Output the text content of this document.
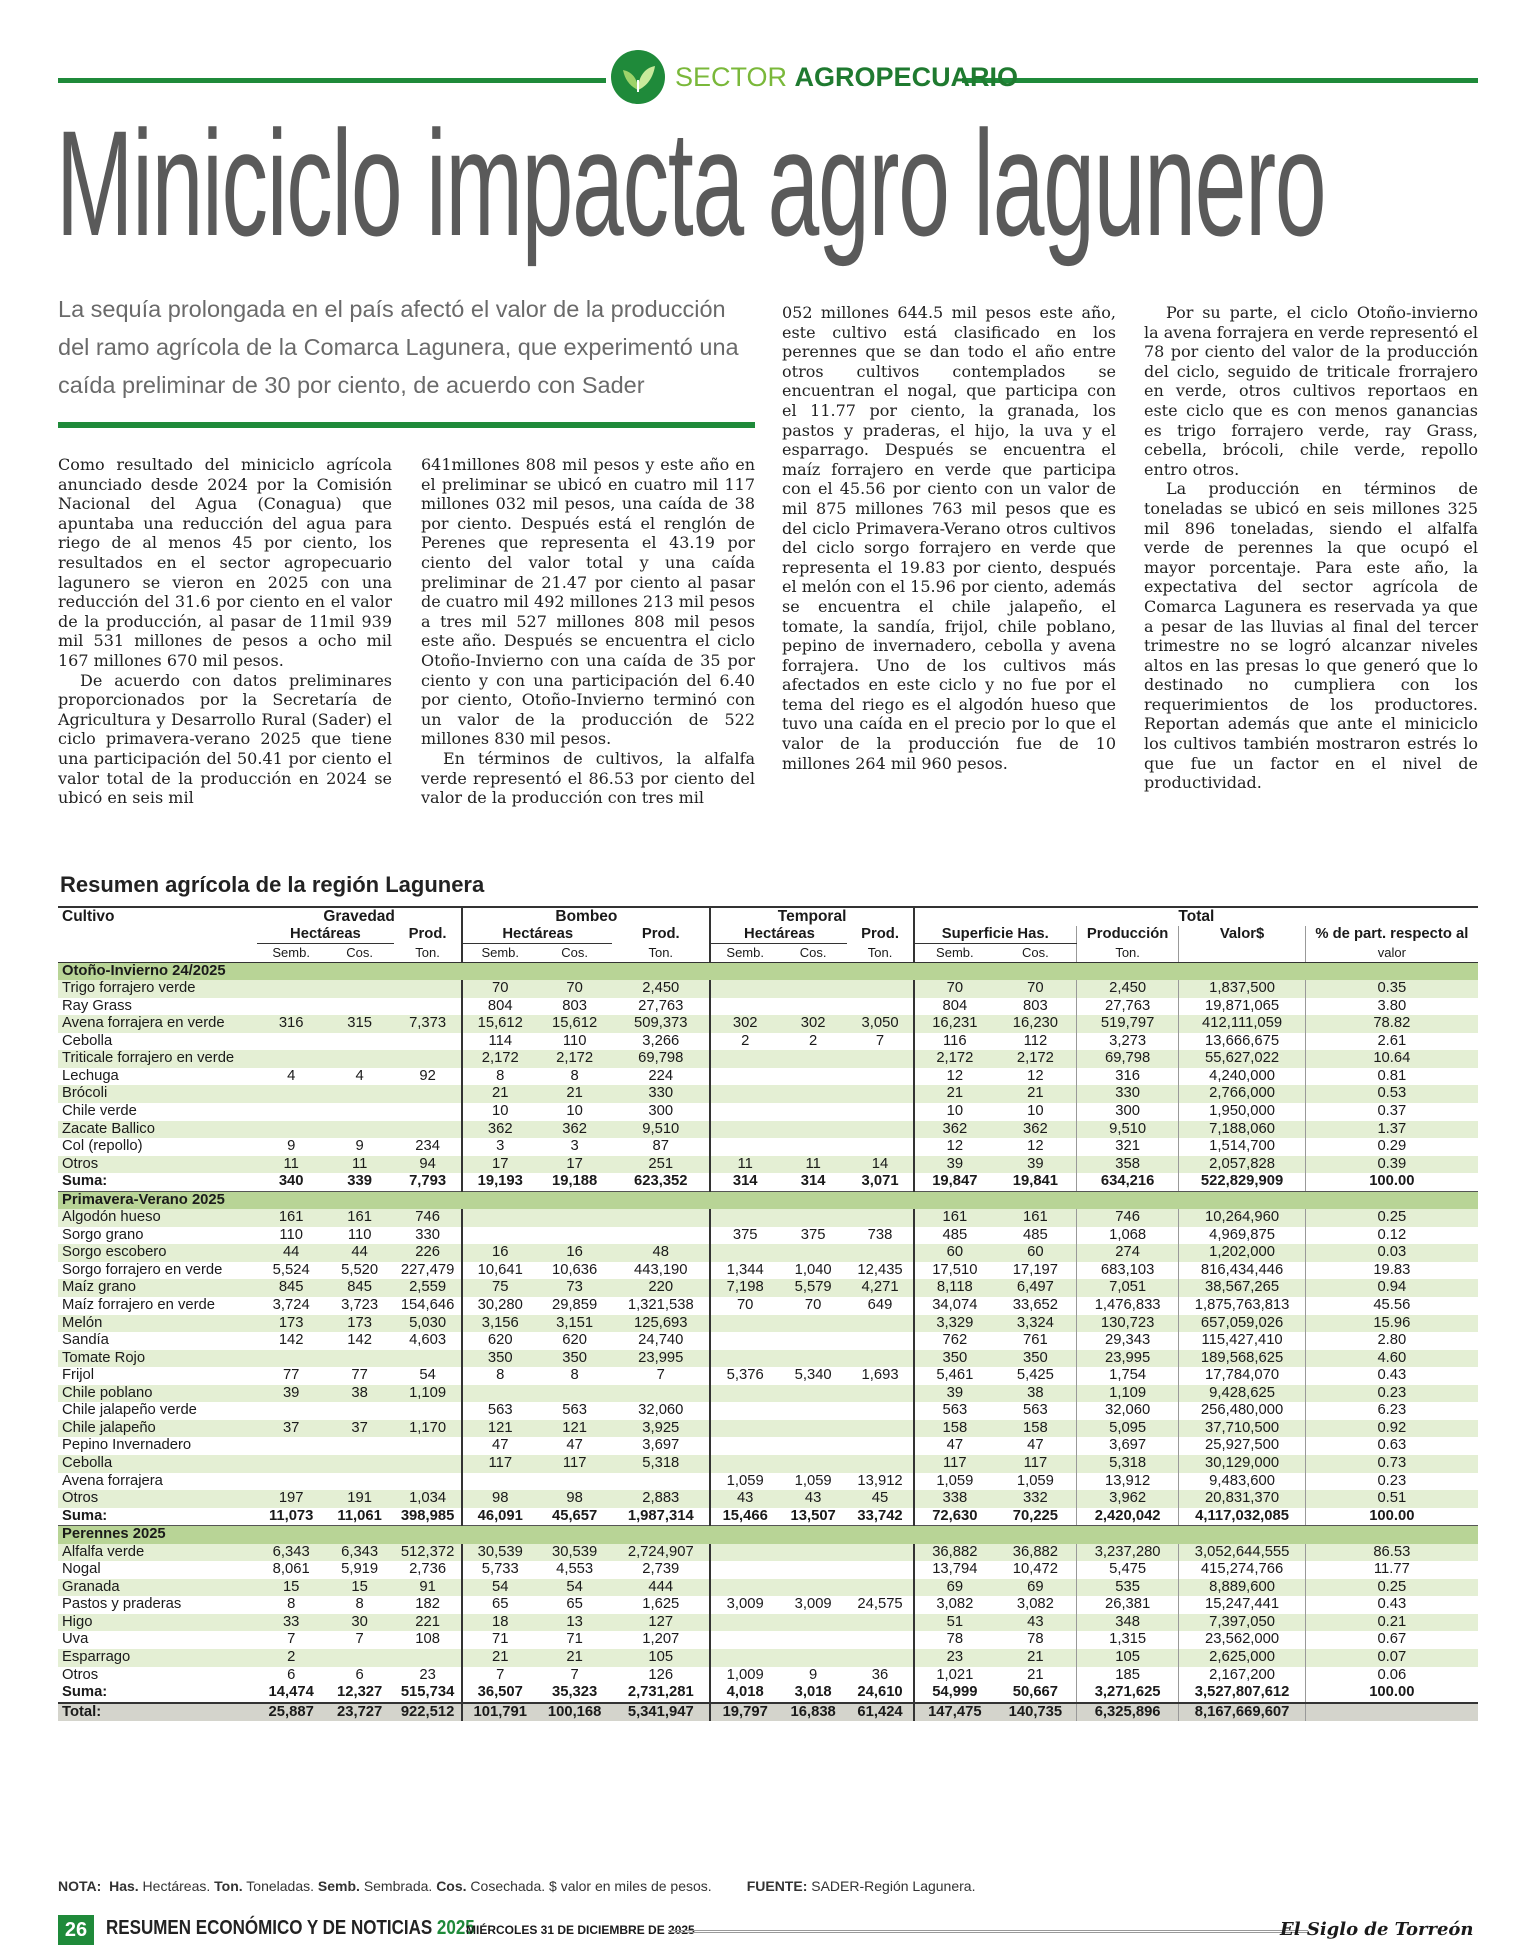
SECTOR AGROPECUARIO
Miniciclo impacta agro lagunero
La sequía prolongada en el país afectó el valor de la producción del ramo agrícola de la Comarca Lagunera, que experimentó una caída preliminar de 30 por ciento, de acuerdo con Sader

Como resultado del miniciclo agrícola anunciado desde 2024 por la Comisión Nacional del Agua (Conagua) que apuntaba una reducción del agua para riego de al menos 45 por ciento, los resultados en el sector agropecuario lagunero se vieron en 2025 con una reducción del 31.6 por ciento en el valor de la producción, al pasar de 11mil 939 mil 531 millones de pesos a ocho mil 167 millones 670 mil pesos.

De acuerdo con datos preliminares proporcionados por la Secretaría de Agricultura y Desarrollo Rural (Sader) el ciclo primavera-verano 2025 que tiene una participación del 50.41 por ciento el valor total de la producción en 2024 se ubicó en seis mil

641millones 808 mil pesos y este año en el preliminar se ubicó en cuatro mil 117 millones 032 mil pesos, una caída de 38 por ciento. Después está el renglón de Perenes que representa el 43.19 por ciento del valor total y una caída preliminar de 21.47 por ciento al pasar de cuatro mil 492 millones 213 mil pesos a tres mil 527 millones 808 mil pesos este año. Después se encuentra el ciclo Otoño-Invierno con una caída de 35 por ciento y con una participación del 6.40 por ciento, Otoño-Invierno terminó con un valor de la producción de 522 millones 830 mil pesos.

En términos de cultivos, la alfalfa verde representó el 86.53 por ciento del valor de la producción con tres mil

052 millones 644.5 mil pesos este año, este cultivo está clasificado en los perennes que se dan todo el año entre otros cultivos contemplados se encuentran el nogal, que participa con el 11.77 por ciento, la granada, los pastos y praderas, el hijo, la uva y el esparrago. Después se encuentra el maíz forrajero en verde que participa con el 45.56 por ciento con un valor de mil 875 millones 763 mil pesos que es del ciclo Primavera-Verano otros cultivos del ciclo sorgo forrajero en verde que representa el 19.83 por ciento, después el melón con el 15.96 por ciento, además se encuentra el chile jalapeño, el tomate, la sandía, frijol, chile poblano, pepino de invernadero, cebolla y avena forrajera. Uno de los cultivos más afectados en este ciclo y no fue por el tema del riego es el algodón hueso que tuvo una caída en el precio por lo que el valor de la producción fue de 10 millones 264 mil 960 pesos.

Por su parte, el ciclo Otoño-invierno la avena forrajera en verde representó el 78 por ciento del valor de la producción del ciclo, seguido de triticale frorrajero en verde, otros cultivos reportaos en este ciclo que es con menos ganancias es trigo forrajero verde, ray Grass, cebella, brócoli, chile verde, repollo entro otros.

La producción en términos de toneladas se ubicó en seis millones 325 mil 896 toneladas, siendo el alfalfa verde de perennes la que ocupó el mayor porcentaje. Para este año, la expectativa del sector agrícola de Comarca Lagunera es reservada ya que a pesar de las lluvias al final del tercer trimestre no se logró alcanzar niveles altos en las presas lo que generó que lo destinado no cumpliera con los requerimientos de los productores. Reportan además que ante el miniciclo los cultivos también mostraron estrés lo que fue un factor en el nivel de productividad.

Resumen agrícola de la región Lagunera
Cultivo	Gravedad			Bombeo			Temporal			Total				
	Hectáreas		Prod.	Hectáreas		Prod.	Hectáreas		Prod.	Superficie Has.		Producción	Valor$	% de part. respecto al
	Semb.	Cos.	Ton.	Semb.	Cos.	Ton.	Semb.	Cos.	Ton.	Semb.	Cos.	Ton.		valor
Otoño-Invierno 24/2025														
Trigo forrajero verde				70	70	2,450				70	70	2,450	1,837,500	0.35
Ray Grass				804	803	27,763				804	803	27,763	19,871,065	3.80
Avena forrajera en verde	316	315	7,373	15,612	15,612	509,373	302	302	3,050	16,231	16,230	519,797	412,111,059	78.82
Cebolla				114	110	3,266	2	2	7	116	112	3,273	13,666,675	2.61
Triticale forrajero en verde				2,172	2,172	69,798				2,172	2,172	69,798	55,627,022	10.64
Lechuga	4	4	92	8	8	224				12	12	316	4,240,000	0.81
Brócoli				21	21	330				21	21	330	2,766,000	0.53
Chile verde				10	10	300				10	10	300	1,950,000	0.37
Zacate Ballico				362	362	9,510				362	362	9,510	7,188,060	1.37
Col (repollo)	9	9	234	3	3	87				12	12	321	1,514,700	0.29
Otros	11	11	94	17	17	251	11	11	14	39	39	358	2,057,828	0.39
Suma:	340	339	7,793	19,193	19,188	623,352	314	314	3,071	19,847	19,841	634,216	522,829,909	100.00
Primavera-Verano 2025														
Algodón hueso	161	161	746							161	161	746	10,264,960	0.25
Sorgo grano	110	110	330				375	375	738	485	485	1,068	4,969,875	0.12
Sorgo escobero	44	44	226	16	16	48				60	60	274	1,202,000	0.03
Sorgo forrajero en verde	5,524	5,520	227,479	10,641	10,636	443,190	1,344	1,040	12,435	17,510	17,197	683,103	816,434,446	19.83
Maíz grano	845	845	2,559	75	73	220	7,198	5,579	4,271	8,118	6,497	7,051	38,567,265	0.94
Maíz forrajero en verde	3,724	3,723	154,646	30,280	29,859	1,321,538	70	70	649	34,074	33,652	1,476,833	1,875,763,813	45.56
Melón	173	173	5,030	3,156	3,151	125,693				3,329	3,324	130,723	657,059,026	15.96
Sandía	142	142	4,603	620	620	24,740				762	761	29,343	115,427,410	2.80
Tomate Rojo				350	350	23,995				350	350	23,995	189,568,625	4.60
Frijol	77	77	54	8	8	7	5,376	5,340	1,693	5,461	5,425	1,754	17,784,070	0.43
Chile poblano	39	38	1,109							39	38	1,109	9,428,625	0.23
Chile jalapeño verde				563	563	32,060				563	563	32,060	256,480,000	6.23
Chile jalapeño	37	37	1,170	121	121	3,925				158	158	5,095	37,710,500	0.92
Pepino Invernadero				47	47	3,697				47	47	3,697	25,927,500	0.63
Cebolla				117	117	5,318				117	117	5,318	30,129,000	0.73
Avena forrajera							1,059	1,059	13,912	1,059	1,059	13,912	9,483,600	0.23
Otros	197	191	1,034	98	98	2,883	43	43	45	338	332	3,962	20,831,370	0.51
Suma:	11,073	11,061	398,985	46,091	45,657	1,987,314	15,466	13,507	33,742	72,630	70,225	2,420,042	4,117,032,085	100.00
Perennes 2025														
Alfalfa verde	6,343	6,343	512,372	30,539	30,539	2,724,907				36,882	36,882	3,237,280	3,052,644,555	86.53
Nogal	8,061	5,919	2,736	5,733	4,553	2,739				13,794	10,472	5,475	415,274,766	11.77
Granada	15	15	91	54	54	444				69	69	535	8,889,600	0.25
Pastos y praderas	8	8	182	65	65	1,625	3,009	3,009	24,575	3,082	3,082	26,381	15,247,441	0.43
Higo	33	30	221	18	13	127				51	43	348	7,397,050	0.21
Uva	7	7	108	71	71	1,207				78	78	1,315	23,562,000	0.67
Esparrago	2			21	21	105				23	21	105	2,625,000	0.07
Otros	6	6	23	7	7	126	1,009	9	36	1,021	21	185	2,167,200	0.06
Suma:	14,474	12,327	515,734	36,507	35,323	2,731,281	4,018	3,018	24,610	54,999	50,667	3,271,625	3,527,807,612	100.00
Total:	25,887	23,727	922,512	101,791	100,168	5,341,947	19,797	16,838	61,424	147,475	140,735	6,325,896	8,167,669,607	
NOTA: Has. Hectáreas. Ton. Toneladas. Semb. Sembrada. Cos. Cosechada. $ valor en miles de pesos.	FUENTE: SADER-Región Lagunera.
26 RESUMEN ECONÓMICO Y DE NOTICIAS 2025
MIÉRCOLES 31 DE DICIEMBRE DE 2025	El Siglo de Torreón
